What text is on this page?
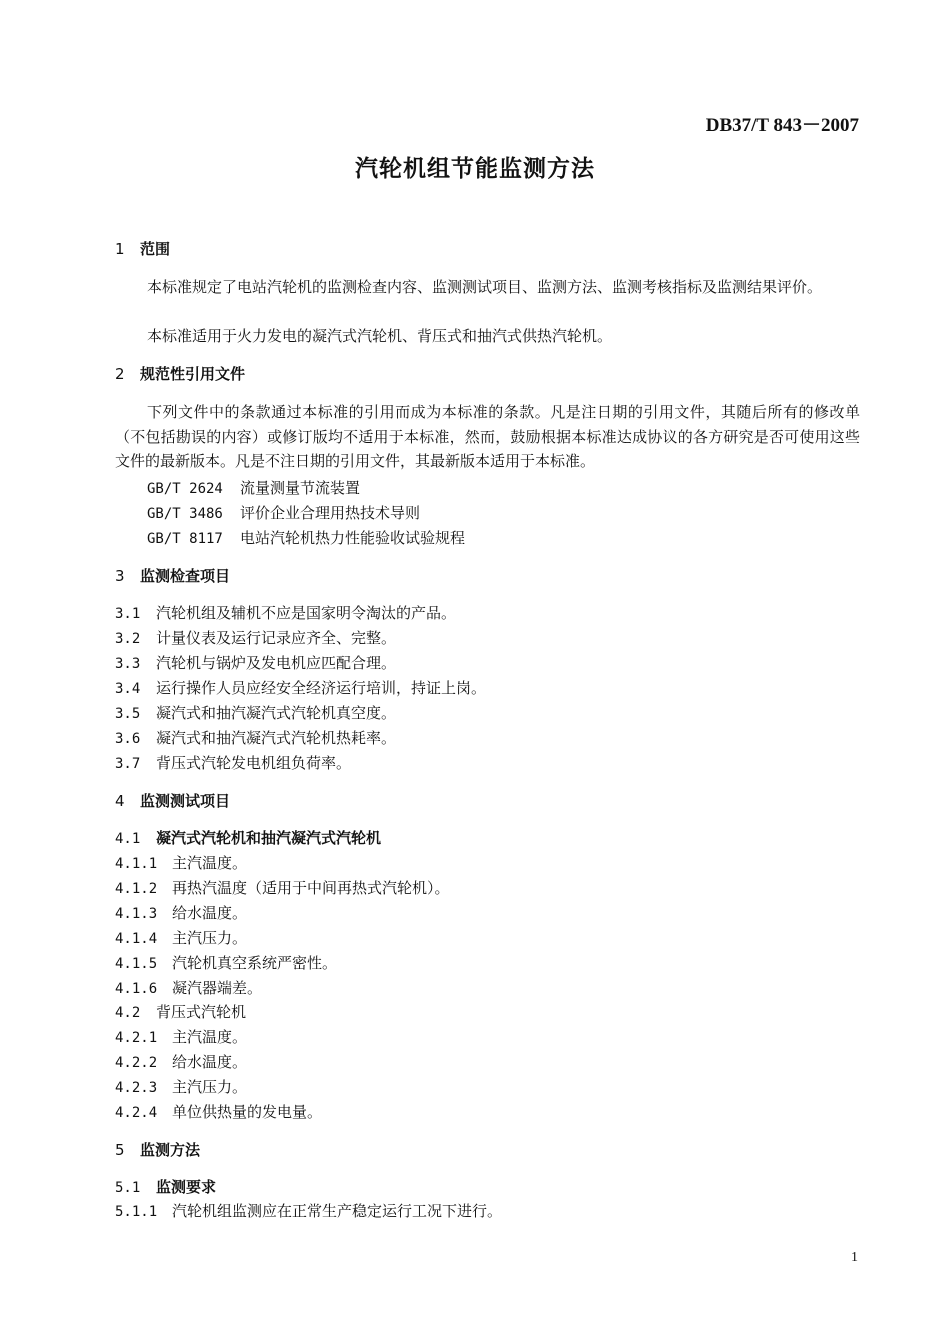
DB37/T 843－2007
汽轮机组节能监测方法
1 范围
本标准规定了电站汽轮机的监测检查内容、监测测试项目、监测方法、监测考核指标及监测结果评价。
本标准适用于火力发电的凝汽式汽轮机、背压式和抽汽式供热汽轮机。
2 规范性引用文件
下列文件中的条款通过本标准的引用而成为本标准的条款。凡是注日期的引用文件，其随后所有的修改单（不包括勘误的内容）或修订版均不适用于本标准，然而，鼓励根据本标准达成协议的各方研究是否可使用这些文件的最新版本。凡是不注日期的引用文件，其最新版本适用于本标准。
GB/T 2624 流量测量节流装置
GB/T 3486 评价企业合理用热技术导则
GB/T 8117 电站汽轮机热力性能验收试验规程
3 监测检查项目
3.1 汽轮机组及辅机不应是国家明令淘汰的产品。
3.2 计量仪表及运行记录应齐全、完整。
3.3 汽轮机与锅炉及发电机应匹配合理。
3.4 运行操作人员应经安全经济运行培训，持证上岗。
3.5 凝汽式和抽汽凝汽式汽轮机真空度。
3.6 凝汽式和抽汽凝汽式汽轮机热耗率。
3.7 背压式汽轮发电机组负荷率。
4 监测测试项目
4.1 凝汽式汽轮机和抽汽凝汽式汽轮机
4.1.1 主汽温度。
4.1.2 再热汽温度（适用于中间再热式汽轮机）。
4.1.3 给水温度。
4.1.4 主汽压力。
4.1.5 汽轮机真空系统严密性。
4.1.6 凝汽器端差。
4.2 背压式汽轮机
4.2.1 主汽温度。
4.2.2 给水温度。
4.2.3 主汽压力。
4.2.4 单位供热量的发电量。
5 监测方法
5.1 监测要求
5.1.1 汽轮机组监测应在正常生产稳定运行工况下进行。
1
